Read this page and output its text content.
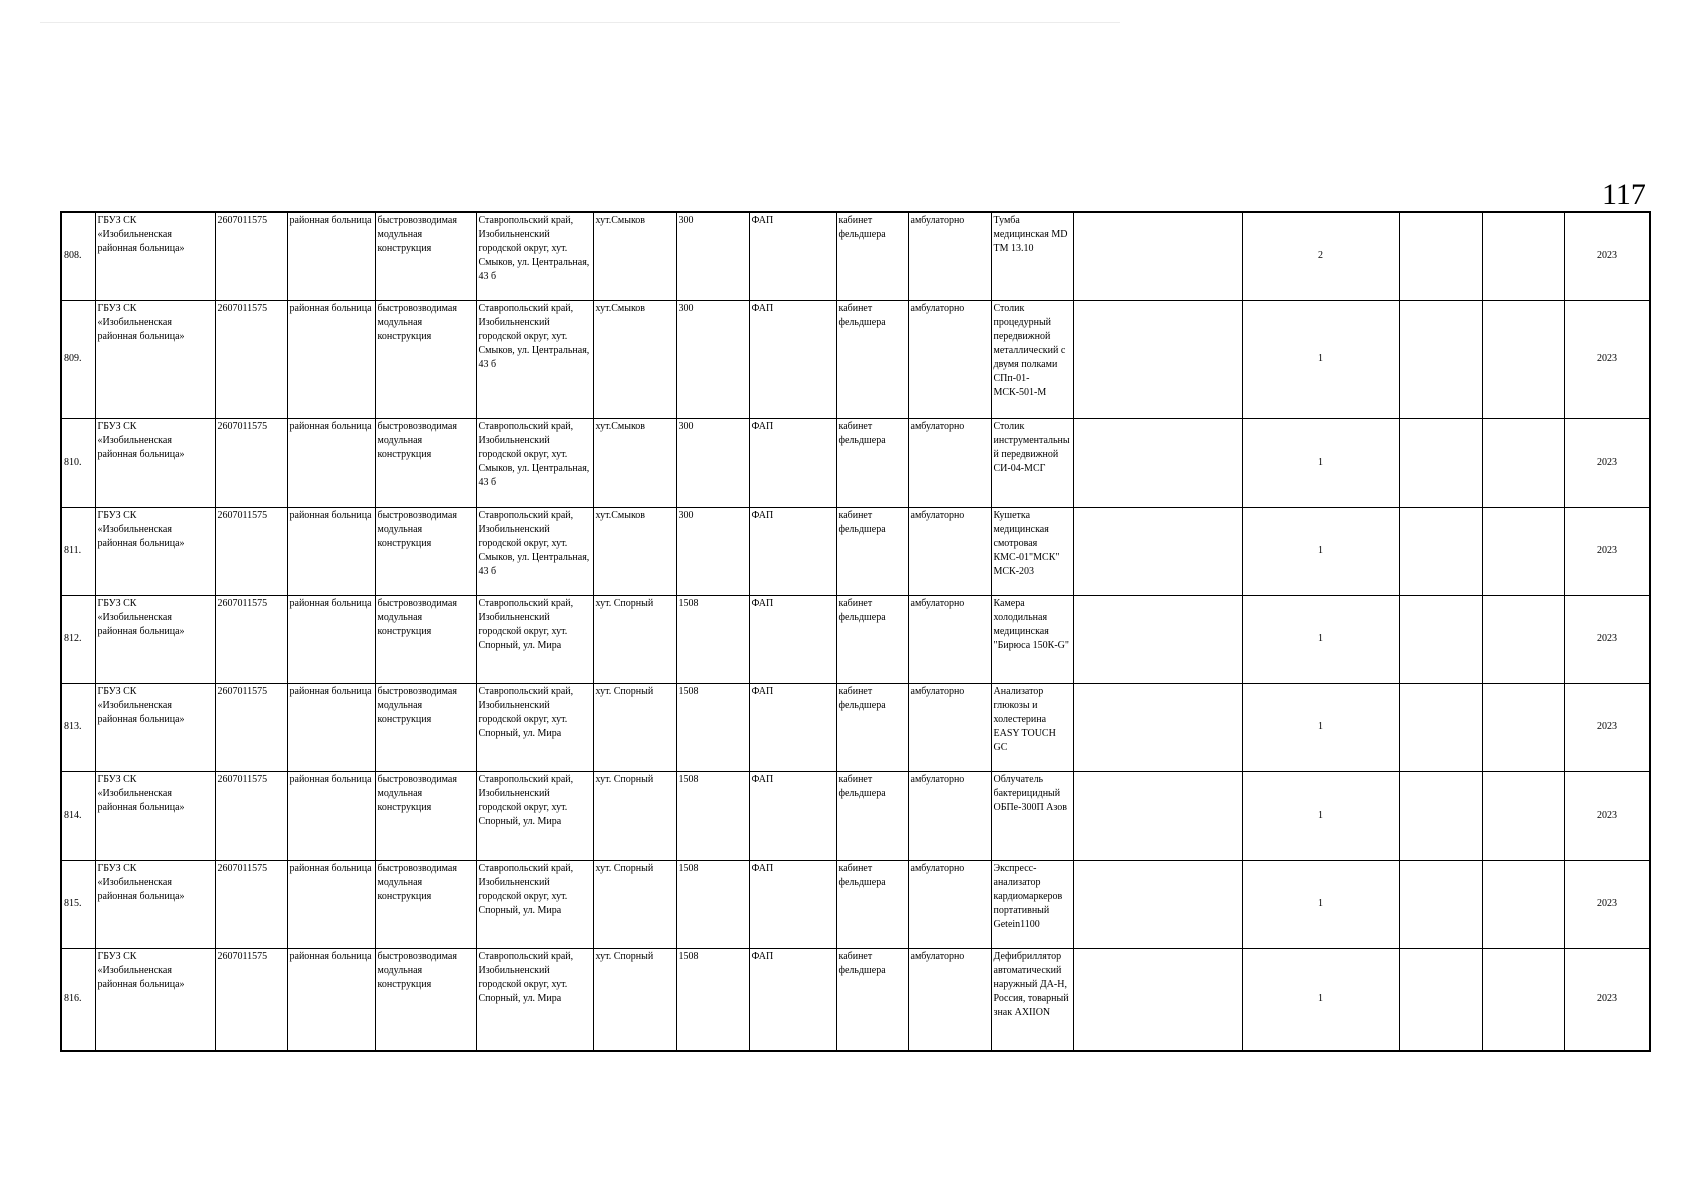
117
808.	ГБУЗ СК «Изобильненская районная больница»	2607011575	районная больница	быстровозводимая модульная конструкция	Ставропольский край, Изобильненский городской округ, хут. Смыков, ул. Центральная, 43 б	хут.Смыков	300	ФАП	кабинет фельдшера	амбулаторно	Тумба медицинская MD TM 13.10		2			2023	
809.	ГБУЗ СК «Изобильненская районная больница»	2607011575	районная больница	быстровозводимая модульная конструкция	Ставропольский край, Изобильненский городской округ, хут. Смыков, ул. Центральная, 43 б	хут.Смыков	300	ФАП	кабинет фельдшера	амбулаторно	Столик процедурный передвижной металлический с двумя полками СПп-01-МСК-501-М		1			2023	
810.	ГБУЗ СК «Изобильненская районная больница»	2607011575	районная больница	быстровозводимая модульная конструкция	Ставропольский край, Изобильненский городской округ, хут. Смыков, ул. Центральная, 43 б	хут.Смыков	300	ФАП	кабинет фельдшера	амбулаторно	Столик инструментальный передвижной СИ-04-МСГ		1			2023	
811.	ГБУЗ СК «Изобильненская районная больница»	2607011575	районная больница	быстровозводимая модульная конструкция	Ставропольский край, Изобильненский городской округ, хут. Смыков, ул. Центральная, 43 б	хут.Смыков	300	ФАП	кабинет фельдшера	амбулаторно	Кушетка медицинская смотровая КМС-01"МСК" МСК-203		1			2023	
812.	ГБУЗ СК «Изобильненская районная больница»	2607011575	районная больница	быстровозводимая модульная конструкция	Ставропольский край, Изобильненский городской округ, хут. Спорный, ул. Мира	хут. Спорный	1508	ФАП	кабинет фельдшера	амбулаторно	Камера холодильная медицинская "Бирюса 150К-G"		1			2023	
813.	ГБУЗ СК «Изобильненская районная больница»	2607011575	районная больница	быстровозводимая модульная конструкция	Ставропольский край, Изобильненский городской округ, хут. Спорный, ул. Мира	хут. Спорный	1508	ФАП	кабинет фельдшера	амбулаторно	Анализатор глюкозы и холестерина EASY TOUCH GC		1			2023	
814.	ГБУЗ СК «Изобильненская районная больница»	2607011575	районная больница	быстровозводимая модульная конструкция	Ставропольский край, Изобильненский городской округ, хут. Спорный, ул. Мира	хут. Спорный	1508	ФАП	кабинет фельдшера	амбулаторно	Облучатель бактерицидный ОБПе-300П Азов		1			2023	
815.	ГБУЗ СК «Изобильненская районная больница»	2607011575	районная больница	быстровозводимая модульная конструкция	Ставропольский край, Изобильненский городской округ, хут. Спорный, ул. Мира	хут. Спорный	1508	ФАП	кабинет фельдшера	амбулаторно	Экспресс-анализатор кардиомаркеров портативный Getein1100		1			2023	
816.	ГБУЗ СК «Изобильненская районная больница»	2607011575	районная больница	быстровозводимая модульная конструкция	Ставропольский край, Изобильненский городской округ, хут. Спорный, ул. Мира	хут. Спорный	1508	ФАП	кабинет фельдшера	амбулаторно	Дефибриллятор автоматический наружный ДА-Н, Россия, товарный знак AXIION		1			2023	
